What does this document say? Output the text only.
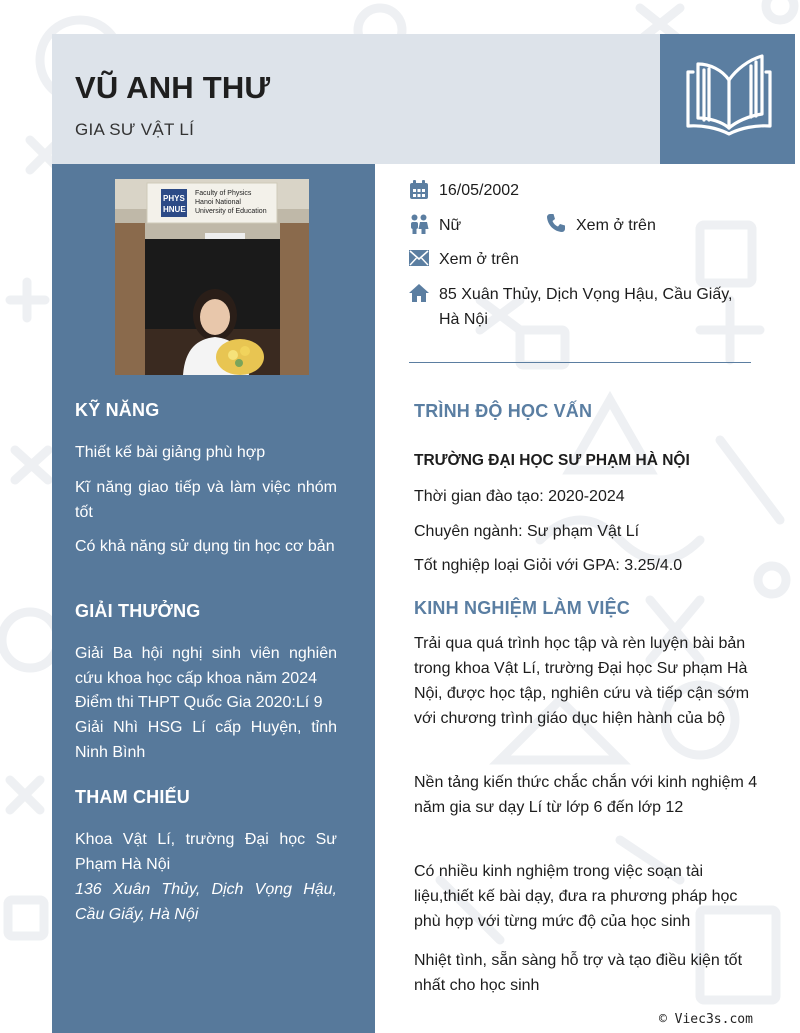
VŨ ANH THƯ
GIA SƯ VẬT LÍ
PHYS
HNUE
Faculty of Physics
Hanoi National
University of Education
KỸ NĂNG
Thiết kế bài giảng phù hợp
Kĩ năng giao tiếp và làm việc nhóm tốt
Có khả năng sử dụng tin học cơ bản
GIẢI THƯỞNG
Giải Ba hội nghị sinh viên nghiên cứu khoa học cấp khoa năm 2024
Điểm thi THPT Quốc Gia 2020:Lí 9
Giải Nhì HSG Lí cấp Huyện, tỉnh Ninh Bình
THAM CHIẾU
Khoa Vật Lí, trường Đại học Sư Phạm Hà Nội
136 Xuân Thủy, Dịch Vọng Hậu, Cầu Giấy, Hà Nội
16/05/2002
Nữ	Xem ở trên
Xem ở trên
85 Xuân Thủy, Dịch Vọng Hậu, Cầu Giấy, Hà Nội
TRÌNH ĐỘ HỌC VẤN
TRƯỜNG ĐẠI HỌC SƯ PHẠM HÀ NỘI
Thời gian đào tạo: 2020-2024
Chuyên ngành: Sư phạm Vật Lí
Tốt nghiệp loại Giỏi với GPA: 3.25/4.0
KINH NGHIỆM LÀM VIỆC
Trải qua quá trình học tập và rèn luyện bài bản trong khoa Vật Lí, trường Đại học Sư phạm Hà Nội, được học tập, nghiên cứu và tiếp cận sớm với chương trình giáo dục hiện hành của bộ
Nền tảng kiến thức chắc chắn với kinh nghiệm 4 năm gia sư dạy Lí từ lớp 6 đến lớp 12
Có nhiều kinh nghiệm trong việc soạn tài liệu,thiết kế bài dạy, đưa ra phương pháp học phù hợp với từng mức độ của học sinh
Nhiệt tình, sẵn sàng hỗ trợ và tạo điều kiện tốt nhất cho học sinh
© Viec3s.com
